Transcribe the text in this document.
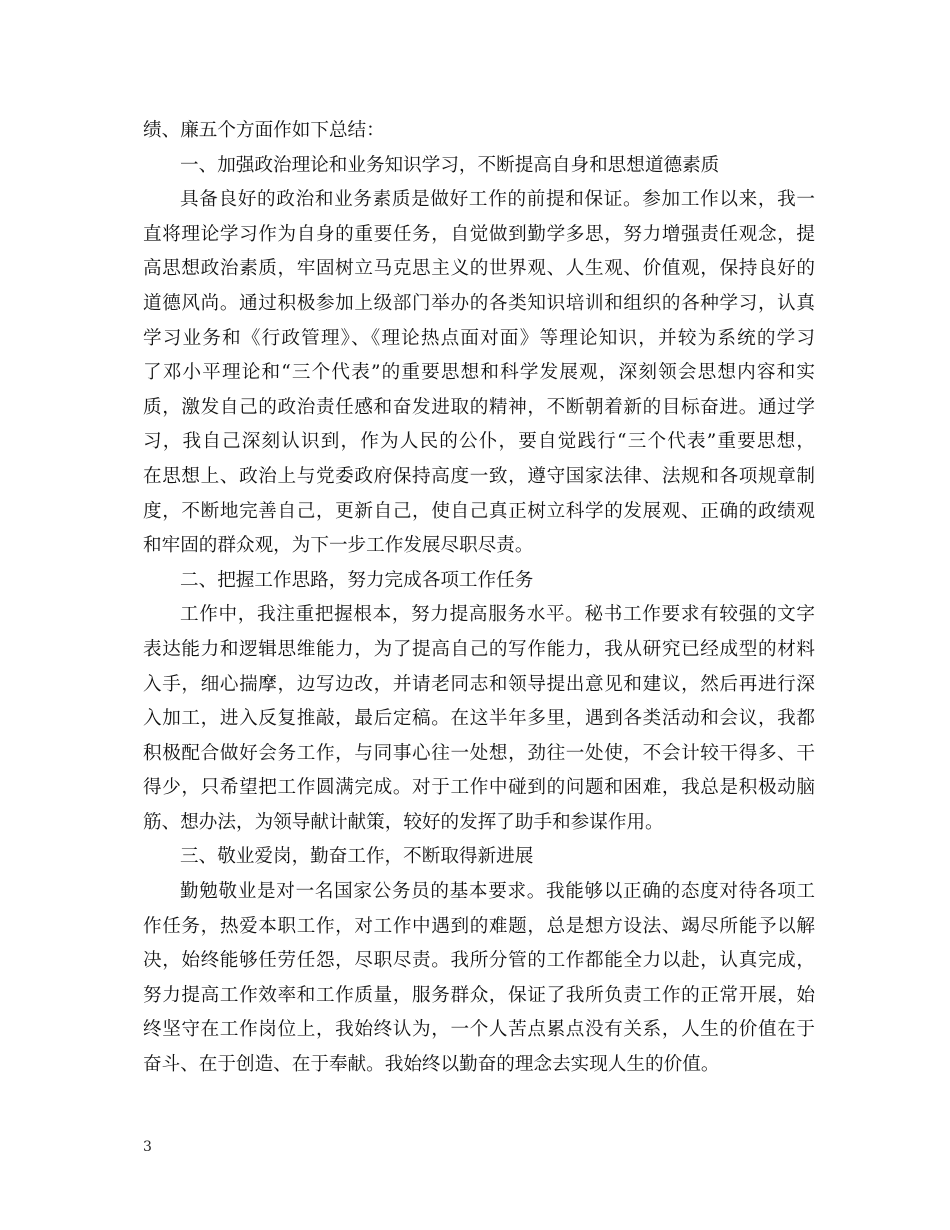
绩、廉五个方面作如下总结：
一、加强政治理论和业务知识学习，不断提高自身和思想道德素质
具备良好的政治和业务素质是做好工作的前提和保证。参加工作以来，我一
直将理论学习作为自身的重要任务，自觉做到勤学多思，努力增强责任观念，提
高思想政治素质，牢固树立马克思主义的世界观、人生观、价值观，保持良好的
道德风尚。通过积极参加上级部门举办的各类知识培训和组织的各种学习，认真
学习业务和《行政管理》、《理论热点面对面》等理论知识，并较为系统的学习
了邓小平理论和“三个代表”的重要思想和科学发展观，深刻领会思想内容和实
质，激发自己的政治责任感和奋发进取的精神，不断朝着新的目标奋进。通过学
习，我自己深刻认识到，作为人民的公仆，要自觉践行“三个代表”重要思想，
在思想上、政治上与党委政府保持高度一致，遵守国家法律、法规和各项规章制
度，不断地完善自己，更新自己，使自己真正树立科学的发展观、正确的政绩观
和牢固的群众观，为下一步工作发展尽职尽责。
二、把握工作思路，努力完成各项工作任务
工作中，我注重把握根本，努力提高服务水平。秘书工作要求有较强的文字
表达能力和逻辑思维能力，为了提高自己的写作能力，我从研究已经成型的材料
入手，细心揣摩，边写边改，并请老同志和领导提出意见和建议，然后再进行深
入加工，进入反复推敲，最后定稿。在这半年多里，遇到各类活动和会议，我都
积极配合做好会务工作，与同事心往一处想，劲往一处使，不会计较干得多、干
得少，只希望把工作圆满完成。对于工作中碰到的问题和困难，我总是积极动脑
筋、想办法，为领导献计献策，较好的发挥了助手和参谋作用。
三、敬业爱岗，勤奋工作，不断取得新进展
勤勉敬业是对一名国家公务员的基本要求。我能够以正确的态度对待各项工
作任务，热爱本职工作，对工作中遇到的难题，总是想方设法、竭尽所能予以解
决，始终能够任劳任怨，尽职尽责。我所分管的工作都能全力以赴，认真完成，
努力提高工作效率和工作质量，服务群众，保证了我所负责工作的正常开展，始
终坚守在工作岗位上，我始终认为，一个人苦点累点没有关系，人生的价值在于
奋斗、在于创造、在于奉献。我始终以勤奋的理念去实现人生的价值。
3
